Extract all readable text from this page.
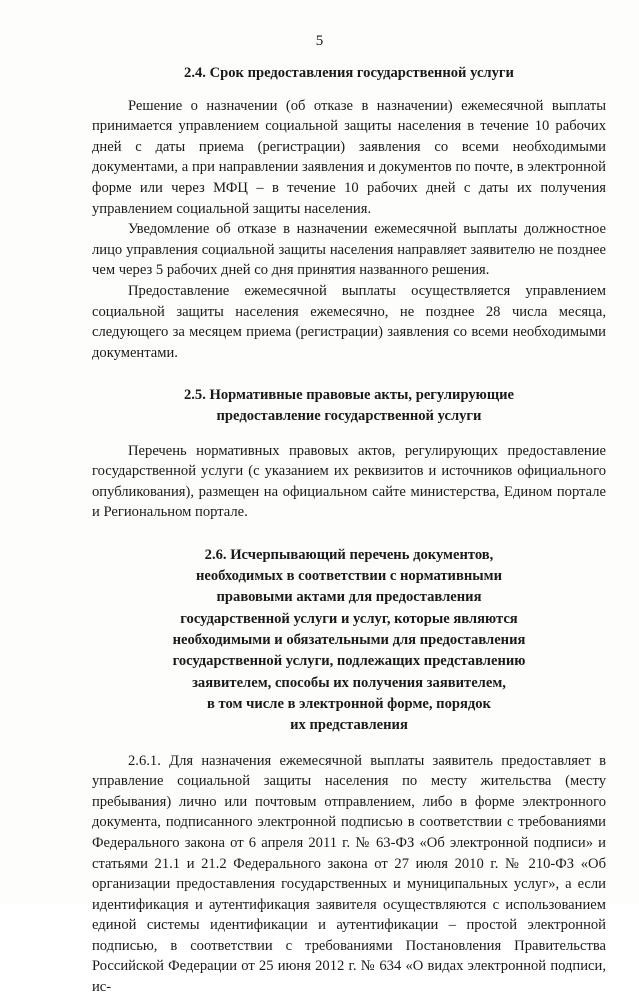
5
2.4. Срок предоставления государственной услуги

Решение о назначении (об отказе в назначении) ежемесячной выплаты принимается управлением социальной защиты населения в течение 10 рабочих дней с даты приема (регистрации) заявления со всеми необходимыми документами, а при направлении заявления и документов по почте, в электронной форме или через МФЦ – в течение 10 рабочих дней с даты их получения управлением социальной защиты населения.

Уведомление об отказе в назначении ежемесячной выплаты должностное лицо управления социальной защиты населения направляет заявителю не позднее чем через 5 рабочих дней со дня принятия названного решения.

Предоставление ежемесячной выплаты осуществляется управлением социальной защиты населения ежемесячно, не позднее 28 числа месяца, следующего за месяцем приема (регистрации) заявления со всеми необходимыми документами.

2.5. Нормативные правовые акты, регулирующие
предоставление государственной услуги

Перечень нормативных правовых актов, регулирующих предоставление государственной услуги (с указанием их реквизитов и источников официального опубликования), размещен на официальном сайте министерства, Едином портале и Региональном портале.

2.6. Исчерпывающий перечень документов,
необходимых в соответствии с нормативными
правовыми актами для предоставления
государственной услуги и услуг, которые являются
необходимыми и обязательными для предоставления
государственной услуги, подлежащих представлению
заявителем, способы их получения заявителем,
в том числе в электронной форме, порядок
их представления

2.6.1. Для назначения ежемесячной выплаты заявитель предоставляет в управление социальной защиты населения по месту жительства (месту пребывания) лично или почтовым отправлением, либо в форме электронного документа, подписанного электронной подписью в соответствии с требованиями Федерального закона от 6 апреля 2011 г. № 63-ФЗ «Об электронной подписи» и статьями 21.1 и 21.2 Федерального закона от 27 июля 2010 г. № 210-ФЗ «Об организации предоставления государственных и муниципальных услуг», а если идентификация и аутентификация заявителя осуществляются с использованием единой системы идентификации и аутентификации – простой электронной подписью, в соответствии с требованиями Постановления Правительства Российской Федерации от 25 июня 2012 г. № 634 «О видах электронной подписи, ис-
